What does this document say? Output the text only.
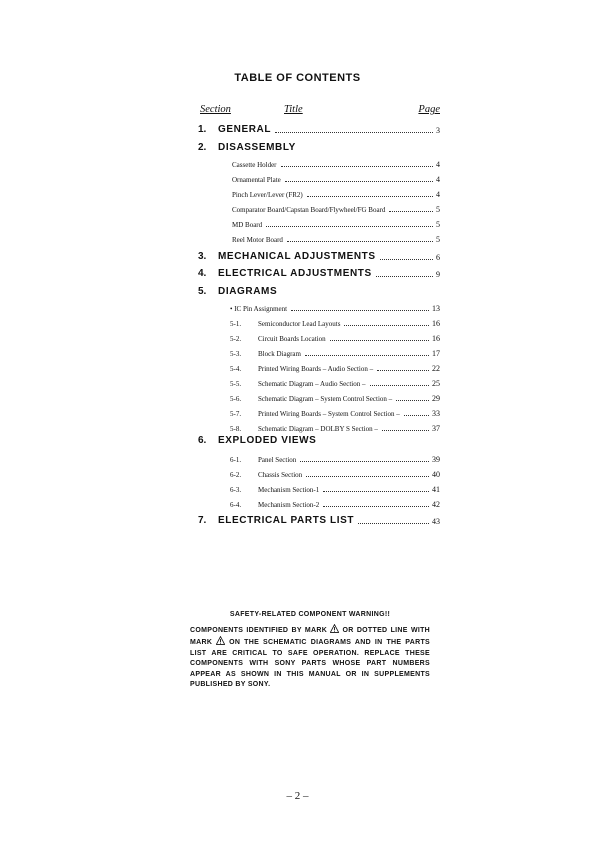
TABLE OF CONTENTS
Section	Title	Page
1. GENERAL	3
2. DISASSEMBLY
Cassette Holder	4
Ornamental Plate	4
Pinch Lever/Lever (FR2)	4
Comparator Board/Capstan Board/Flywheel/FG Board	5
MD Board	5
Reel Motor Board	5
3. MECHANICAL ADJUSTMENTS	6
4. ELECTRICAL ADJUSTMENTS	9
5. DIAGRAMS
• IC Pin Assignment	13
5-1. Semiconductor Lead Layouts	16
5-2. Circuit Boards Location	16
5-3. Block Diagram	17
5-4. Printed Wiring Boards – Audio Section –	22
5-5. Schematic Diagram – Audio Section –	25
5-6. Schematic Diagram – System Control Section –	29
5-7. Printed Wiring Boards – System Control Section –	33
5-8. Schematic Diagram – DOLBY S Section –	37
6. EXPLODED VIEWS
6-1. Panel Section	39
6-2. Chassis Section	40
6-3. Mechanism Section-1	41
6-4. Mechanism Section-2	42
7. ELECTRICAL PARTS LIST	43
SAFETY-RELATED COMPONENT WARNING!!
COMPONENTS IDENTIFIED BY MARK OR DOTTED LINE WITH MARK ON THE SCHEMATIC DIAGRAMS AND IN THE PARTS LIST ARE CRITICAL TO SAFE OPERATION. REPLACE THESE COMPONENTS WITH SONY PARTS WHOSE PART NUMBERS APPEAR AS SHOWN IN THIS MANUAL OR IN SUPPLEMENTS PUBLISHED BY SONY.
– 2 –
